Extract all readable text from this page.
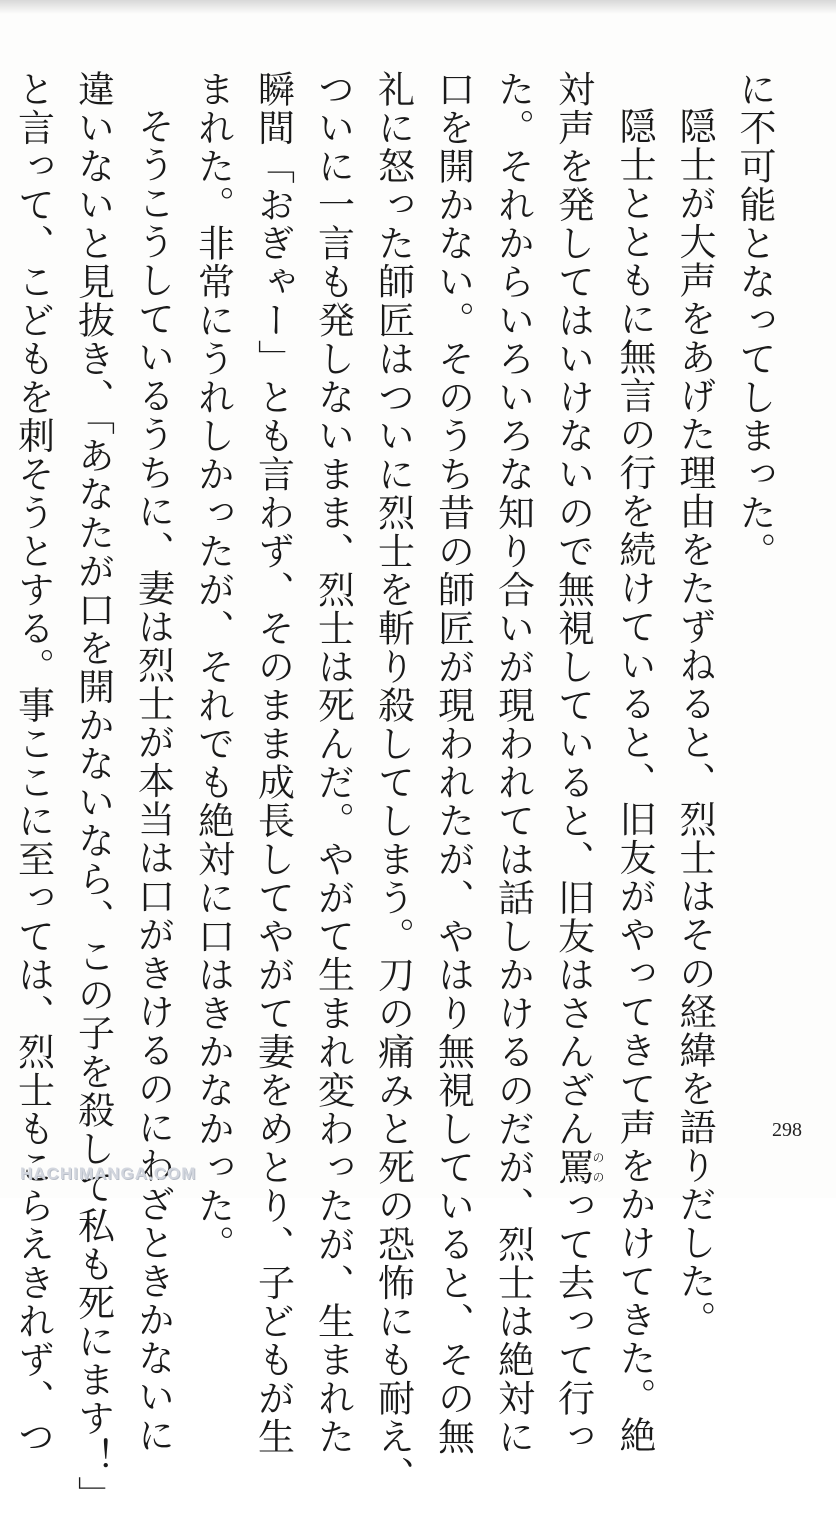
に不可能となってしまった。

隠士が大声をあげた理由をたずねると、烈士はその経緯を語りだした。

隠士とともに無言の行を続けていると、旧友がやってきて声をかけてきた。絶

対声を発してはいけないので無視していると、旧友はさんざん罵ののって去って行っ

た。それからいろいろな知り合いが現われては話しかけるのだが、烈士は絶対に

口を開かない。そのうち昔の師匠が現われたが、やはり無視していると、その無

礼に怒った師匠はついに烈士を斬り殺してしまう。刀の痛みと死の恐怖にも耐え、

ついに一言も発しないまま、烈士は死んだ。やがて生まれ変わったが、生まれた

瞬間「おぎゃー」とも言わず、そのまま成長してやがて妻をめとり、子どもが生

まれた。非常にうれしかったが、それでも絶対に口はきかなかった。

そうこうしているうちに、妻は烈士が本当は口がきけるのにわざときかないに

違いないと見抜き、「あなたが口を開かないなら、この子を殺して私も死にます！」

と言って、こどもを刺そうとする。事ここに至っては、烈士もこらえきれず、つ	298
HACHIMANGA.COM
